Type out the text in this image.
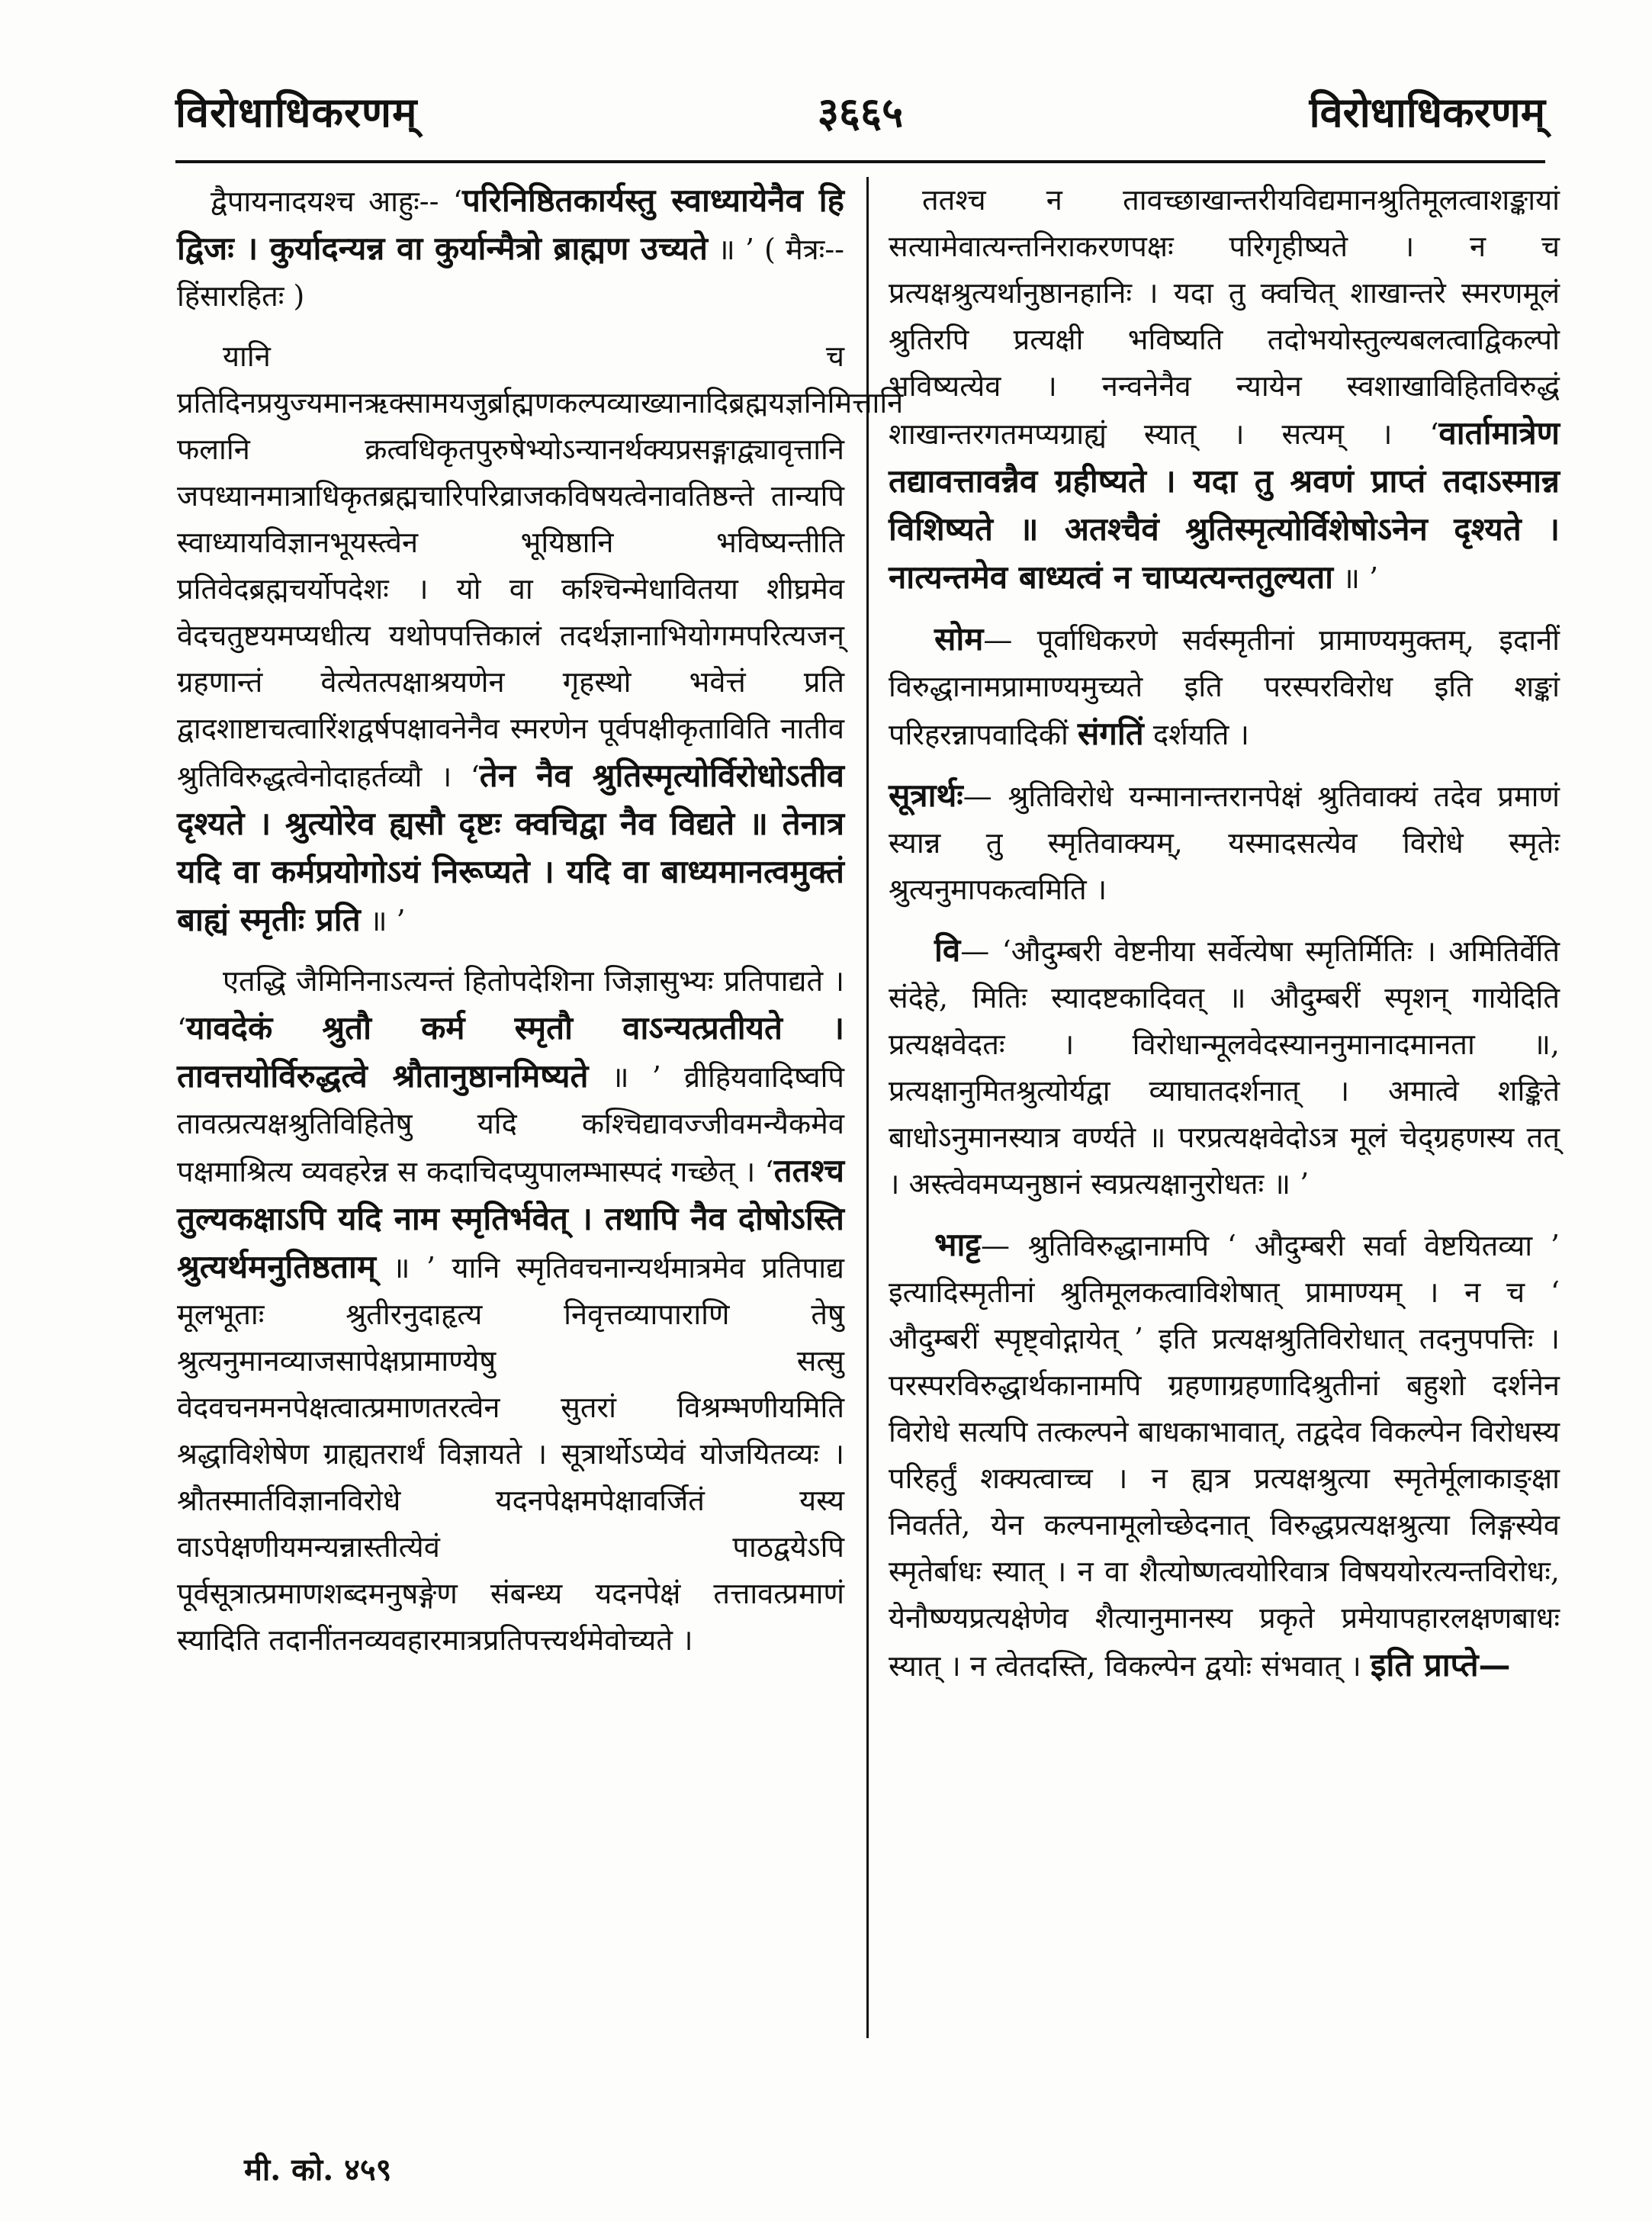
विरोधाधिकरणम्	३६६५	विरोधाधिकरणम्

द्वैपायनादयश्च आहुः-- ‘परिनिष्ठितकार्यस्तु स्वाध्यायेनैव हि द्विजः । कुर्यादन्यन्न वा कुर्यान्मैत्रो ब्राह्मण उच्यते ॥ ’ ( मैत्रः-- हिंसारहितः )

यानि च प्रतिदिनप्रयुज्यमानऋक्सामयजुर्ब्राह्मणकल्पव्याख्यानादिब्रह्मयज्ञनिमित्तानि फलानि क्रत्वधिकृतपुरुषेभ्योऽन्यानर्थक्यप्रसङ्गाद्व्यावृत्तानि जपध्यानमात्राधिकृतब्रह्मचारिपरिव्राजकविषयत्वेनावतिष्ठन्ते तान्यपि स्वाध्यायविज्ञानभूयस्त्वेन भूयिष्ठानि भविष्यन्तीति प्रतिवेदब्रह्मचर्योपदेशः । यो वा कश्चिन्मेधावितया शीघ्रमेव वेदचतुष्टयमप्यधीत्य यथोपपत्तिकालं तदर्थज्ञानाभियोगमपरित्यजन् ग्रहणान्तं वेत्येतत्पक्षाश्रयणेन गृहस्थो भवेत्तं प्रति द्वादशाष्टाचत्वारिंशद्वर्षपक्षावनेनैव स्मरणेन पूर्वपक्षीकृताविति नातीव श्रुतिविरुद्धत्वेनोदाहर्तव्यौ । ‘तेन नैव श्रुतिस्मृत्योर्विरोधोऽतीव दृश्यते । श्रुत्योरेव ह्यसौ दृष्टः क्वचिद्वा नैव विद्यते ॥ तेनात्र यदि वा कर्मप्रयोगोऽयं निरूप्यते । यदि वा बाध्यमानत्वमुक्तं बाह्यं स्मृतीः प्रति ॥ ’

एतद्धि जैमिनिनाऽत्यन्तं हितोपदेशिना जिज्ञासुभ्यः प्रतिपाद्यते । ‘यावदेकं श्रुतौ कर्म स्मृतौ वाऽन्यत्प्रतीयते । तावत्तयोर्विरुद्धत्वे श्रौतानुष्ठानमिष्यते ॥ ’ व्रीहियवादिष्वपि तावत्प्रत्यक्षश्रुतिविहितेषु यदि कश्चिद्यावज्जीवमन्यैकमेव पक्षमाश्रित्य व्यवहरेन्न स कदाचिदप्युपालम्भास्पदं गच्छेत् । ‘ततश्च तुल्यकक्षाऽपि यदि नाम स्मृतिर्भवेत् । तथापि नैव दोषोऽस्ति श्रुत्यर्थमनुतिष्ठताम् ॥ ’ यानि स्मृतिवचनान्यर्थमात्रमेव प्रतिपाद्य मूलभूताः श्रुतीरनुदाहृत्य निवृत्तव्यापाराणि तेषु श्रुत्यनुमानव्याजसापेक्षप्रामाण्येषु सत्सु वेदवचनमनपेक्षत्वात्प्रमाणतरत्वेन सुतरां विश्रम्भणीयमिति श्रद्धाविशेषेण ग्राह्यतरार्थं विज्ञायते । सूत्रार्थोऽप्येवं योजयितव्यः । श्रौतस्मार्तविज्ञानविरोधे यदनपेक्षमपेक्षावर्जितं यस्य वाऽपेक्षणीयमन्यन्नास्तीत्येवं पाठद्वयेऽपि पूर्वसूत्रात्प्रमाणशब्दमनुषङ्गेण संबन्ध्य यदनपेक्षं तत्तावत्प्रमाणं स्यादिति तदानींतनव्यवहारमात्रप्रतिपत्त्यर्थमेवोच्यते ।

ततश्च न तावच्छाखान्तरीयविद्यमानश्रुतिमूलत्वाशङ्कायां सत्यामेवात्यन्तनिराकरणपक्षः परिगृहीष्यते । न च प्रत्यक्षश्रुत्यर्थानुष्ठानहानिः । यदा तु क्वचित् शाखान्तरे स्मरणमूलं श्रुतिरपि प्रत्यक्षी भविष्यति तदोभयोस्तुल्यबलत्वाद्विकल्पो भविष्यत्येव । नन्वनेनैव न्यायेन स्वशाखाविहितविरुद्धं शाखान्तरगतमप्यग्राह्यं स्यात् । सत्यम् । ‘वार्तामात्रेण तद्यावत्तावन्नैव ग्रहीष्यते । यदा तु श्रवणं प्राप्तं तदाऽस्मान्न विशिष्यते ॥ अतश्चैवं श्रुतिस्मृत्योर्विशेषोऽनेन दृश्यते । नात्यन्तमेव बाध्यत्वं न चाप्यत्यन्ततुल्यता ॥ ’

सोम— पूर्वाधिकरणे सर्वस्मृतीनां प्रामाण्यमुक्तम्, इदानीं विरुद्धानामप्रामाण्यमुच्यते इति परस्परविरोध इति शङ्कां परिहरन्नापवादिकीं संगतिं दर्शयति ।

सूत्रार्थः— श्रुतिविरोधे यन्मानान्तरानपेक्षं श्रुतिवाक्यं तदेव प्रमाणं स्यान्न तु स्मृतिवाक्यम्, यस्मादसत्येव विरोधे स्मृतेः श्रुत्यनुमापकत्वमिति ।

वि— ‘औदुम्बरी वेष्टनीया सर्वेत्येषा स्मृतिर्मितिः । अमितिर्वेति संदेहे, मितिः स्यादष्टकादिवत् ॥ औदुम्बरीं स्पृशन् गायेदिति प्रत्यक्षवेदतः । विरोधान्मूलवेदस्याननुमानादमानता ॥, प्रत्यक्षानुमितश्रुत्योर्यद्वा व्याघातदर्शनात् । अमात्वे शङ्किते बाधोऽनुमानस्यात्र वर्ण्यते ॥ परप्रत्यक्षवेदोऽत्र मूलं चेद्ग्रहणस्य तत् । अस्त्वेवमप्यनुष्ठानं स्वप्रत्यक्षानुरोधतः ॥ ’

भाट्ट— श्रुतिविरुद्धानामपि ‘ औदुम्बरी सर्वा वेष्टयितव्या ’ इत्यादिस्मृतीनां श्रुतिमूलकत्वाविशेषात् प्रामाण्यम् । न च ‘ औदुम्बरीं स्पृष्ट्वोद्गायेत् ’ इति प्रत्यक्षश्रुतिविरोधात् तदनुपपत्तिः । परस्परविरुद्धार्थकानामपि ग्रहणाग्रहणादिश्रुतीनां बहुशो दर्शनेन विरोधे सत्यपि तत्कल्पने बाधकाभावात्, तद्वदेव विकल्पेन विरोधस्य परिहर्तुं शक्यत्वाच्च । न ह्यत्र प्रत्यक्षश्रुत्या स्मृतेर्मूलाकाङ्क्षा निवर्तते, येन कल्पनामूलोच्छेदनात् विरुद्धप्रत्यक्षश्रुत्या लिङ्गस्येव स्मृतेर्बाधः स्यात् । न वा शैत्योष्णत्वयोरिवात्र विषययोरत्यन्तविरोधः, येनौष्ण्यप्रत्यक्षेणेव शैत्यानुमानस्य प्रकृते प्रमेयापहारलक्षणबाधः स्यात् । न त्वेतदस्ति, विकल्पेन द्वयोः संभवात् । इति प्राप्ते—

मी. को. ४५९
